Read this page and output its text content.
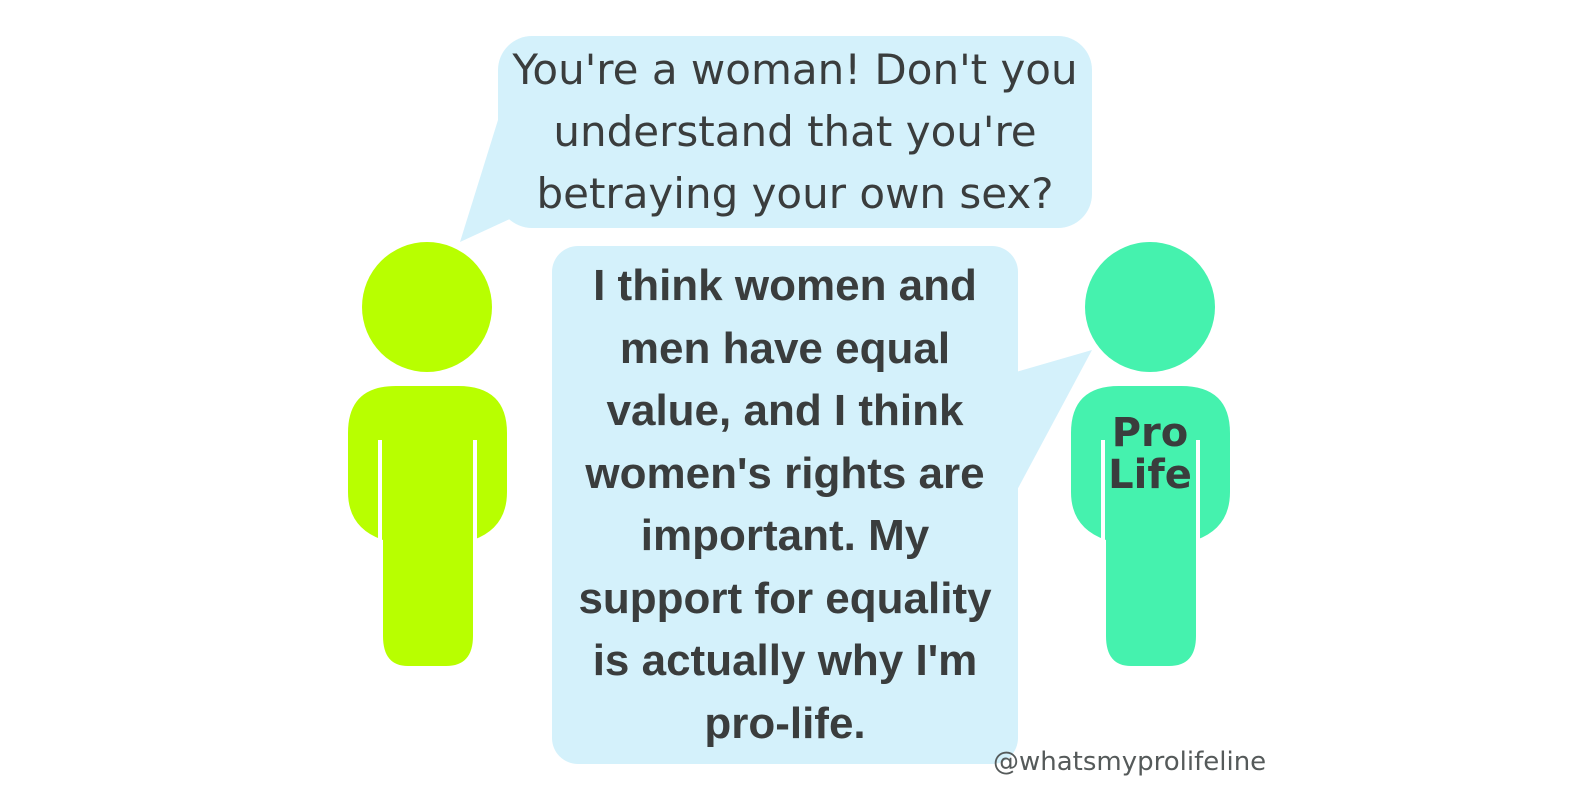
You're a woman! Don't you understand that you're betraying your own sex?
I think women and men have equal value, and I think women's rights are important. My support for equality is actually why I'm pro-life.
Pro
Life
@whatsmyprolifeline
